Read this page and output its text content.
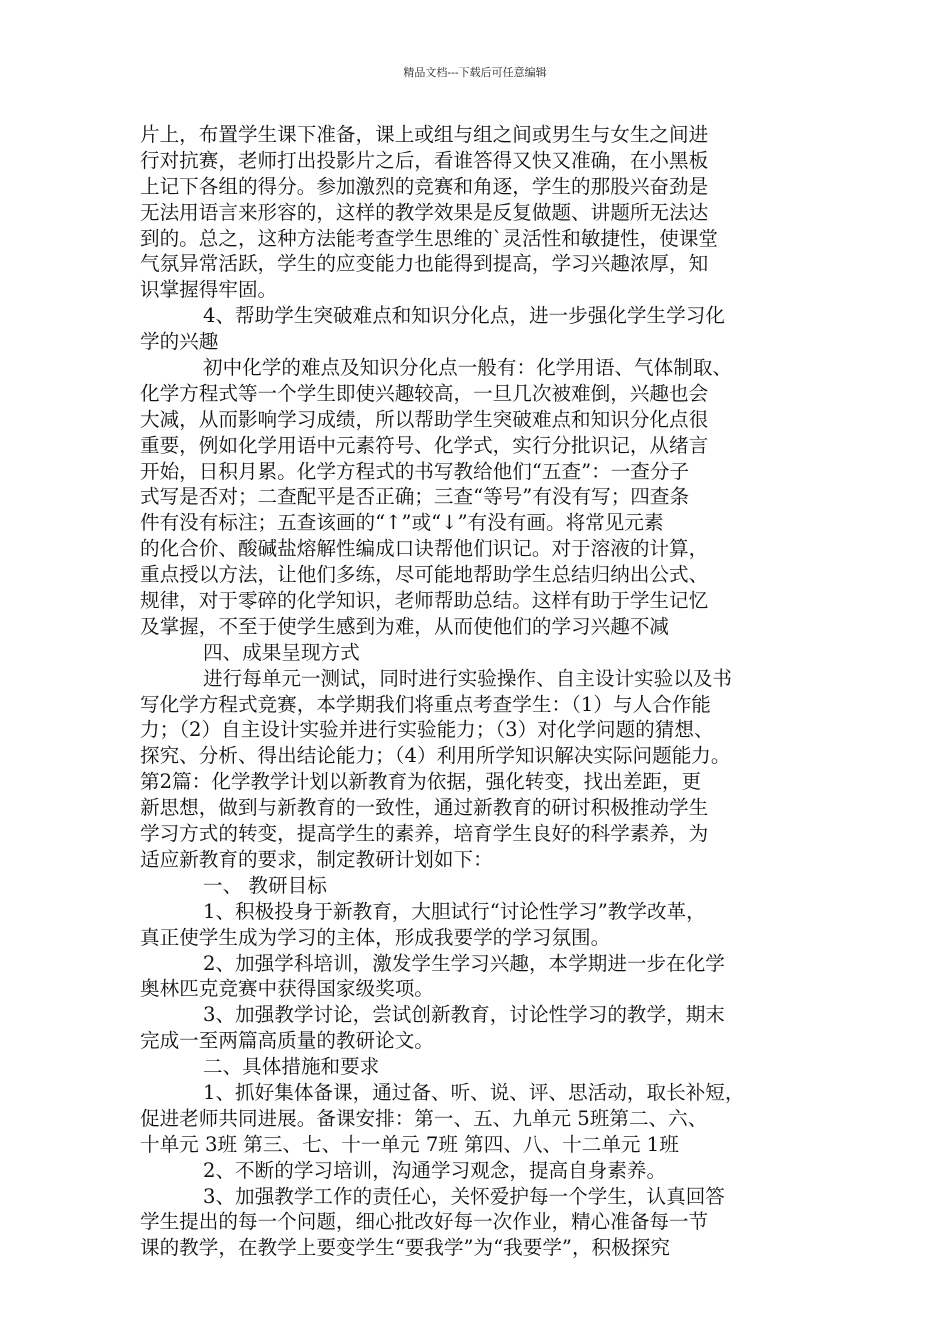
精品文档---下载后可任意编辑
片上，布置学生课下准备，课上或组与组之间或男生与女生之间进
行对抗赛，老师打出投影片之后，看谁答得又快又准确，在小黑板
上记下各组的得分。参加激烈的竞赛和角逐，学生的那股兴奋劲是
无法用语言来形容的，这样的教学效果是反复做题、讲题所无法达
到的。总之，这种方法能考查学生思维的`灵活性和敏捷性，使课堂
气氛异常活跃，学生的应变能力也能得到提高，学习兴趣浓厚，知
识掌握得牢固。
4、帮助学生突破难点和知识分化点，进一步强化学生学习化
学的兴趣
初中化学的难点及知识分化点一般有：化学用语、气体制取、
化学方程式等一个学生即使兴趣较高，一旦几次被难倒，兴趣也会
大减，从而影响学习成绩，所以帮助学生突破难点和知识分化点很
重要，例如化学用语中元素符号、化学式，实行分批识记，从绪言
开始，日积月累。化学方程式的书写教给他们“五查”：一查分子
式写是否对；二查配平是否正确；三查“等号”有没有写；四查条
件有没有标注；五查该画的“↑”或“↓”有没有画。将常见元素
的化合价、酸碱盐熔解性编成口诀帮他们识记。对于溶液的计算，
重点授以方法，让他们多练，尽可能地帮助学生总结归纳出公式、
规律，对于零碎的化学知识，老师帮助总结。这样有助于学生记忆
及掌握，不至于使学生感到为难，从而使他们的学习兴趣不减
四、成果呈现方式
进行每单元一测试，同时进行实验操作、自主设计实验以及书
写化学方程式竞赛，本学期我们将重点考查学生：（1）与人合作能
力；（2）自主设计实验并进行实验能力；（3）对化学问题的猜想、
探究、分析、得出结论能力；（4）利用所学知识解决实际问题能力。
第2篇：化学教学计划以新教育为依据，强化转变，找出差距，更
新思想，做到与新教育的一致性，通过新教育的研讨积极推动学生
学习方式的转变，提高学生的素养，培育学生良好的科学素养，为
适应新教育的要求，制定教研计划如下：
一、 教研目标
1、积极投身于新教育，大胆试行“讨论性学习”教学改革，
真正使学生成为学习的主体，形成我要学的学习氛围。
2、加强学科培训，激发学生学习兴趣，本学期进一步在化学
奥林匹克竞赛中获得国家级奖项。
3、加强教学讨论，尝试创新教育，讨论性学习的教学，期末
完成一至两篇高质量的教研论文。
二、具体措施和要求
1、抓好集体备课，通过备、听、说、评、思活动，取长补短，
促进老师共同进展。备课安排：第一、五、九单元 5班第二、六、
十单元 3班 第三、七、十一单元 7班 第四、八、十二单元 1班
2、不断的学习培训，沟通学习观念，提高自身素养。
3、加强教学工作的责任心，关怀爱护每一个学生，认真回答
学生提出的每一个问题，细心批改好每一次作业，精心准备每一节
课的教学，在教学上要变学生“要我学”为“我要学”，积极探究
